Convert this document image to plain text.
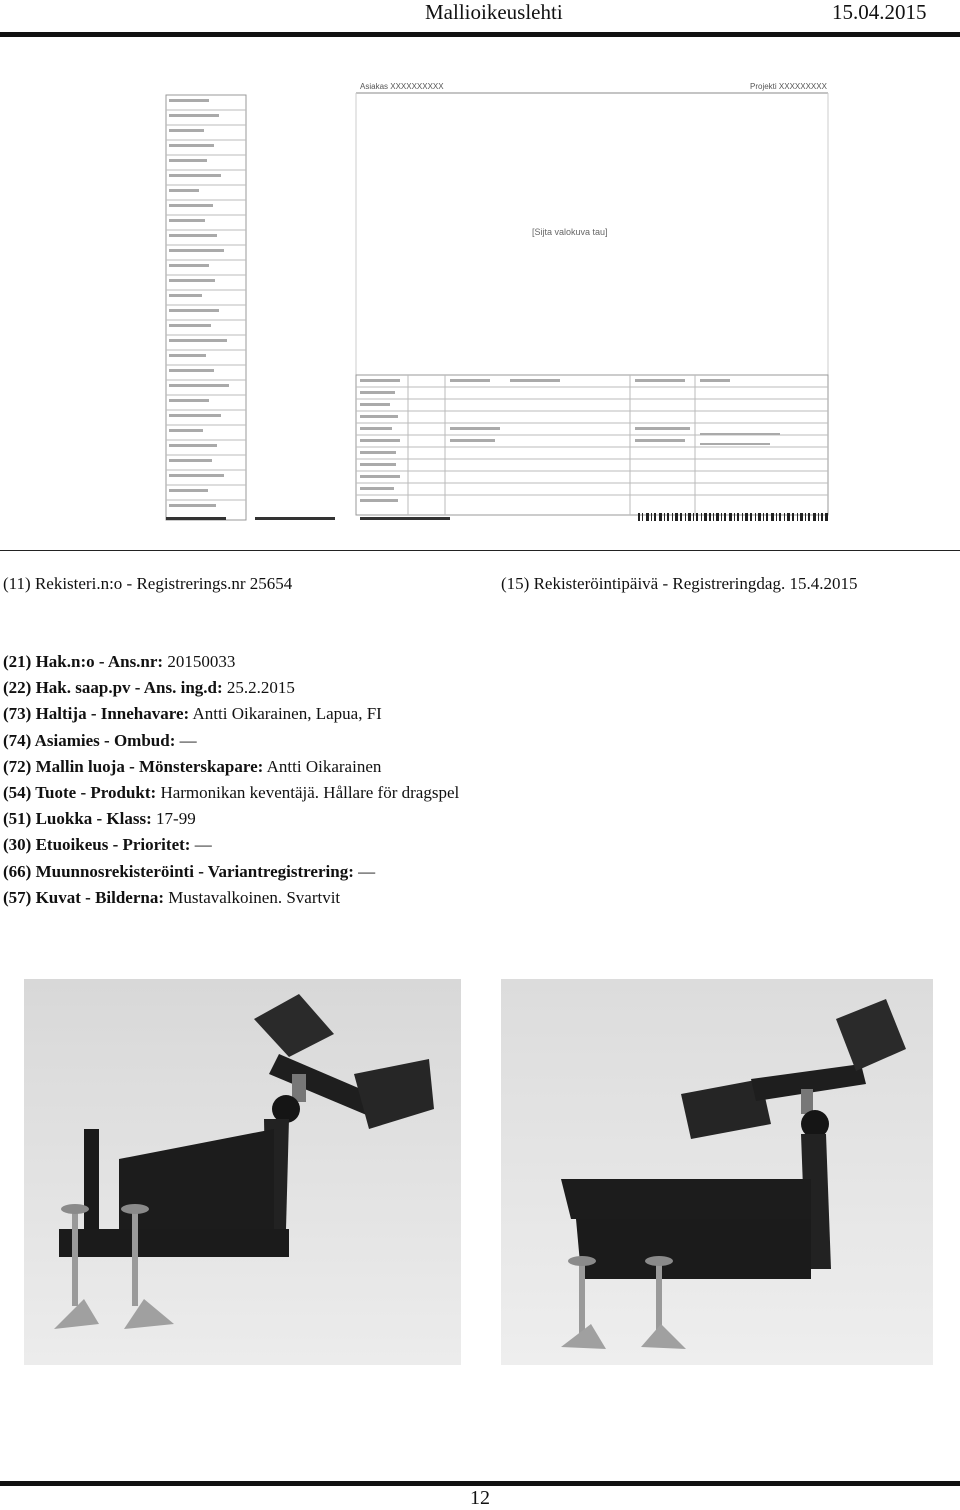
Mallioikeuslehti	15.04.2015
Asiakas XXXXXXXXXX	Projekti XXXXXXXXX
[Sijta valokuva tau]
(11) Rekisteri.n:o - Registrerings.nr 25654	(15) Rekisteröintipäivä - Registreringdag. 15.4.2015
(21) Hak.n:o - Ans.nr: 20150033
(22) Hak. saap.pv - Ans. ing.d: 25.2.2015
(73) Haltija - Innehavare: Antti Oikarainen, Lapua, FI
(74) Asiamies - Ombud: —
(72) Mallin luoja - Mönsterskapare: Antti Oikarainen
(54) Tuote - Produkt: Harmonikan keventäjä. Hållare för dragspel
(51) Luokka - Klass: 17-99
(30) Etuoikeus - Prioritet: —
(66) Muunnosrekisteröinti - Variantregistrering: —
(57) Kuvat - Bilderna: Mustavalkoinen. Svartvit
12
